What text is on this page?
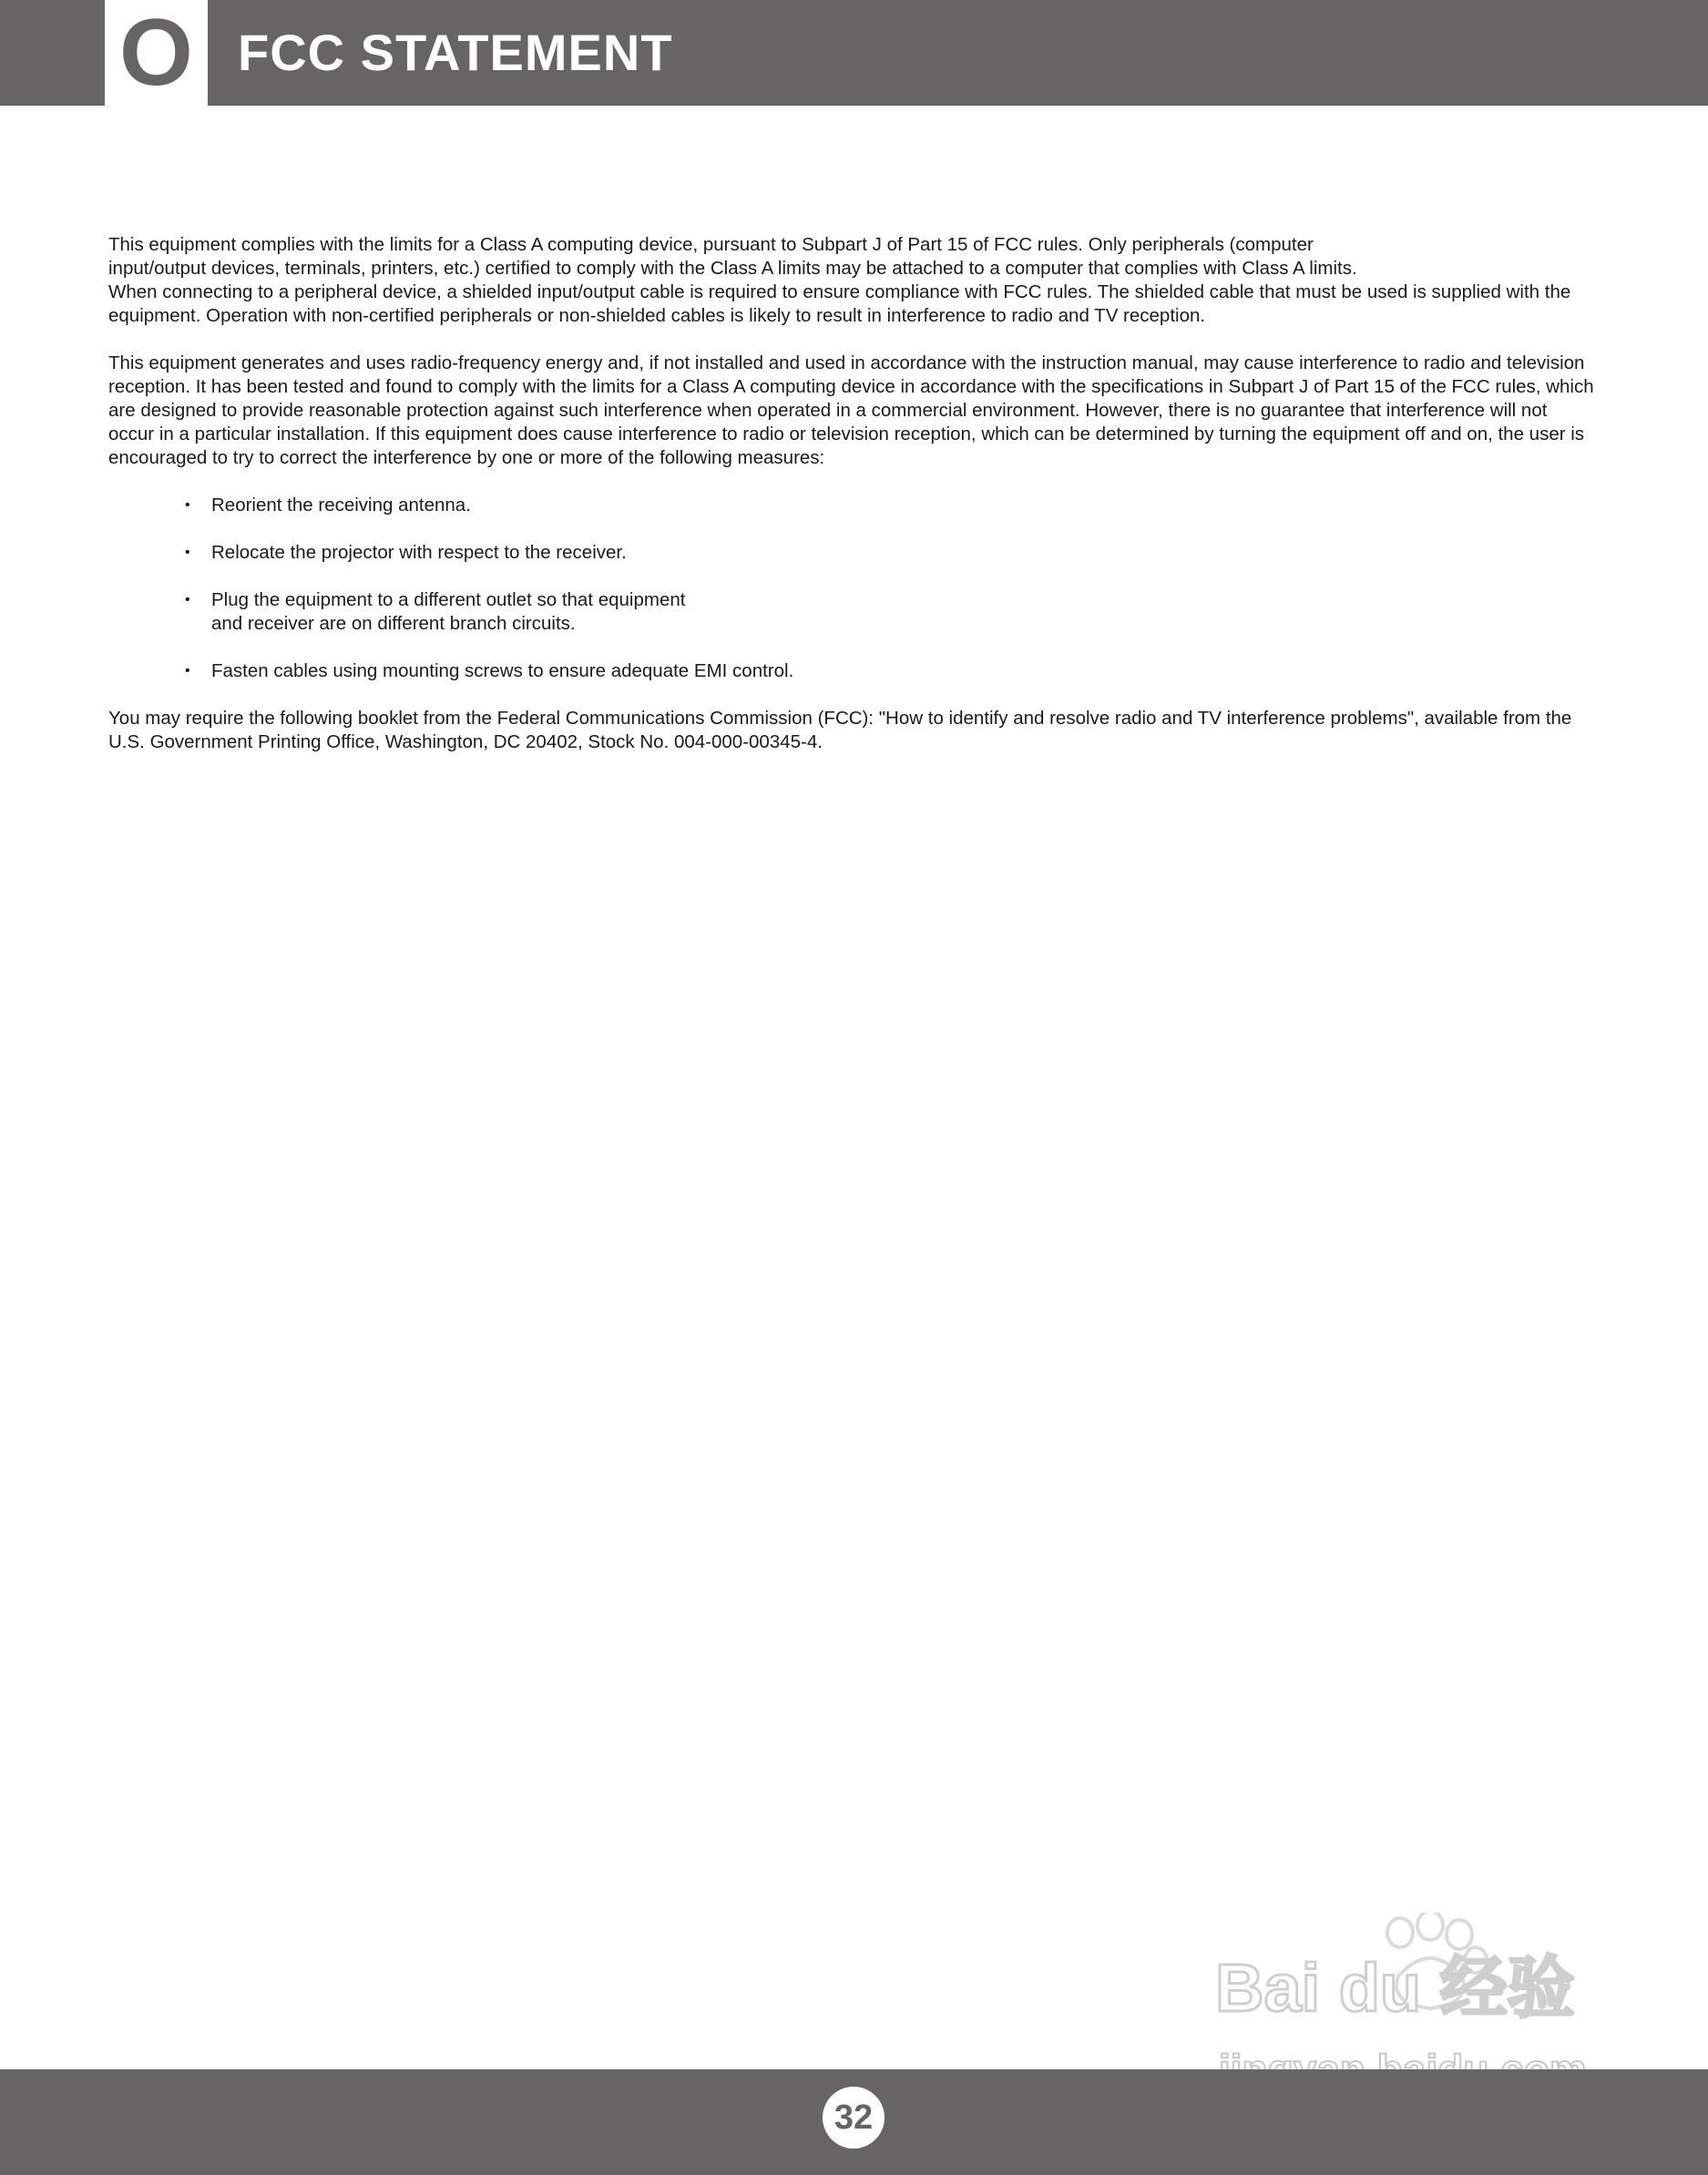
O FCC STATEMENT

This equipment complies with the limits for a Class A computing device, pursuant to Subpart J of Part 15 of FCC rules. Only peripherals (computer

input/output devices, terminals, printers, etc.) certified to comply with the Class A limits may be attached to a computer that complies with Class A limits.

When connecting to a peripheral device, a shielded input/output cable is required to ensure compliance with FCC rules. The shielded cable that must be used is supplied with the equipment. Operation with non-certified peripherals or non-shielded cables is likely to result in interference to radio and TV reception.

This equipment generates and uses radio-frequency energy and, if not installed and used in accordance with the instruction manual, may cause interference to radio and television reception. It has been tested and found to comply with the limits for a Class A computing device in accordance with the specifications in Subpart J of Part 15 of the FCC rules, which are designed to provide reasonable protection against such interference when operated in a commercial environment. However, there is no guarantee that interference will not occur in a particular installation. If this equipment does cause interference to radio or television reception, which can be determined by turning the equipment off and on, the user is encouraged to try to correct the interference by one or more of the following measures:

• Reorient the receiving antenna.
• Relocate the projector with respect to the receiver.
• Plug the equipment to a different outlet so that equipment
and receiver are on different branch circuits.
• Fasten cables using mounting screws to ensure adequate EMI control.

You may require the following booklet from the Federal Communications Commission (FCC): "How to identify and resolve radio and TV interference problems", available from the U.S. Government Printing Office, Washington, DC 20402, Stock No. 004-000-00345-4.

Bai du 经验
32
